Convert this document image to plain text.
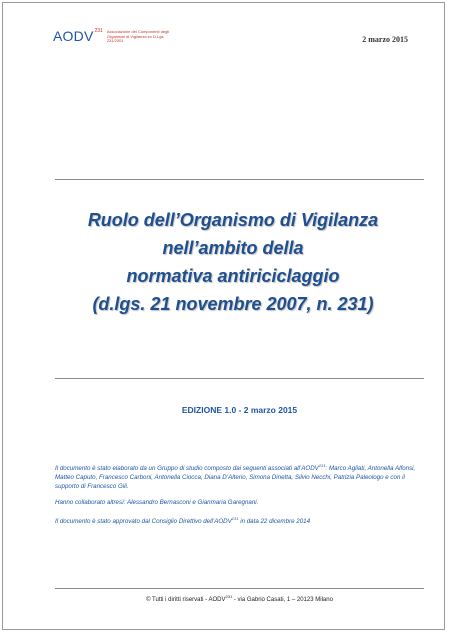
AODV 231 Associazione dei Componenti degli Organismi di Vigilanza ex D.Lgs. 231/2001	2 marzo 2015
Ruolo dell’Organismo di Vigilanza
nell’ambito della
normativa antiriciclaggio
(d.lgs. 21 novembre 2007, n. 231)
EDIZIONE 1.0 - 2 marzo 2015
Il documento è stato elaborato da un Gruppo di studio composto dai seguenti associati all’AODV$^{231}$: Marco Agliati, Antonella Alfonsi, Matteo Caputo, Francesco Carboni, Antonella Ciocca, Diana D’Alterio, Simona Dinetta, Silvio Necchi, Patrizia Paleologo e con il supporto di Francesco Gili.
Hanno collaborato altresì: Alessandro Bernasconi e Gianmaria Garegnani.
Il documento è stato approvato dal Consiglio Direttivo dell’AODV$^{231}$ in data 22 dicembre 2014
© Tutti i diritti riservati - AODV$^{231}$ - via Gabrio Casati, 1 – 20123 Milano
